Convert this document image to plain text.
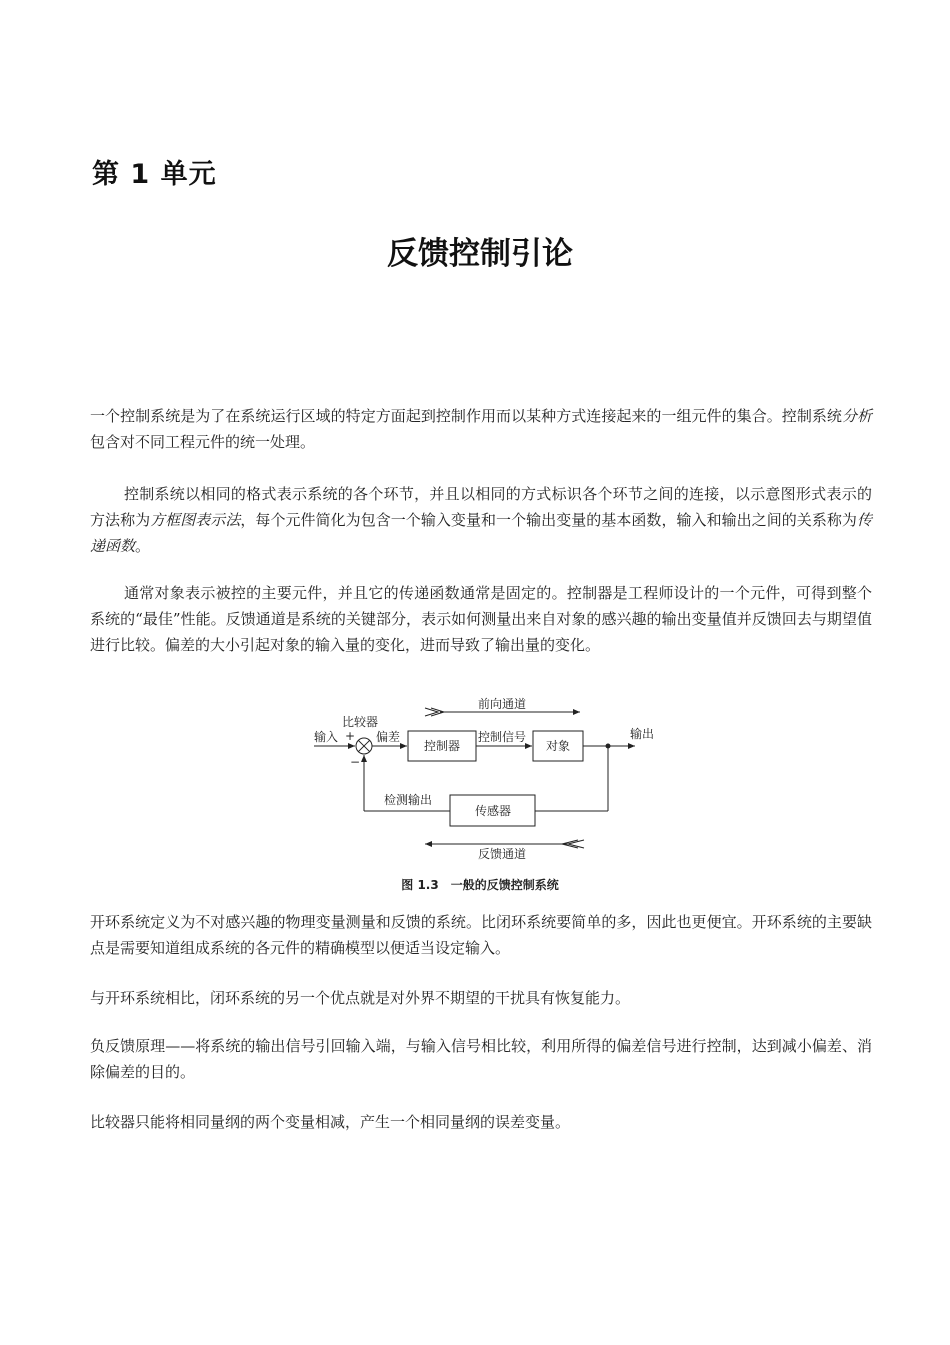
第 1 单元
反馈控制引论

一个控制系统是为了在系统运行区域的特定方面起到控制作用而以某种方式连接起来的一组元件的集合。控制系统分析包含对不同工程元件的统一处理。

控制系统以相同的格式表示系统的各个环节，并且以相同的方式标识各个环节之间的连接，以示意图形式表示的方法称为方框图表示法，每个元件简化为包含一个输入变量和一个输出变量的基本函数，输入和输出之间的关系称为传递函数。

通常对象表示被控的主要元件，并且它的传递函数通常是固定的。控制器是工程师设计的一个元件，可得到整个系统的“最佳”性能。反馈通道是系统的关键部分，表示如何测量出来自对象的感兴趣的输出变量值并反馈回去与期望值进行比较。偏差的大小引起对象的输入量的变化，进而导致了输出量的变化。

前向通道
比较器
输入 +
−
偏差
控制器
控制信号
对象
输出
传感器
检测输出
反馈通道
图 1.3 一般的反馈控制系统

开环系统定义为不对感兴趣的物理变量测量和反馈的系统。比闭环系统要简单的多，因此也更便宜。开环系统的主要缺点是需要知道组成系统的各元件的精确模型以便适当设定输入。

与开环系统相比，闭环系统的另一个优点就是对外界不期望的干扰具有恢复能力。

负反馈原理——将系统的输出信号引回输入端，与输入信号相比较，利用所得的偏差信号进行控制，达到减小偏差、消除偏差的目的。

比较器只能将相同量纲的两个变量相减，产生一个相同量纲的误差变量。
